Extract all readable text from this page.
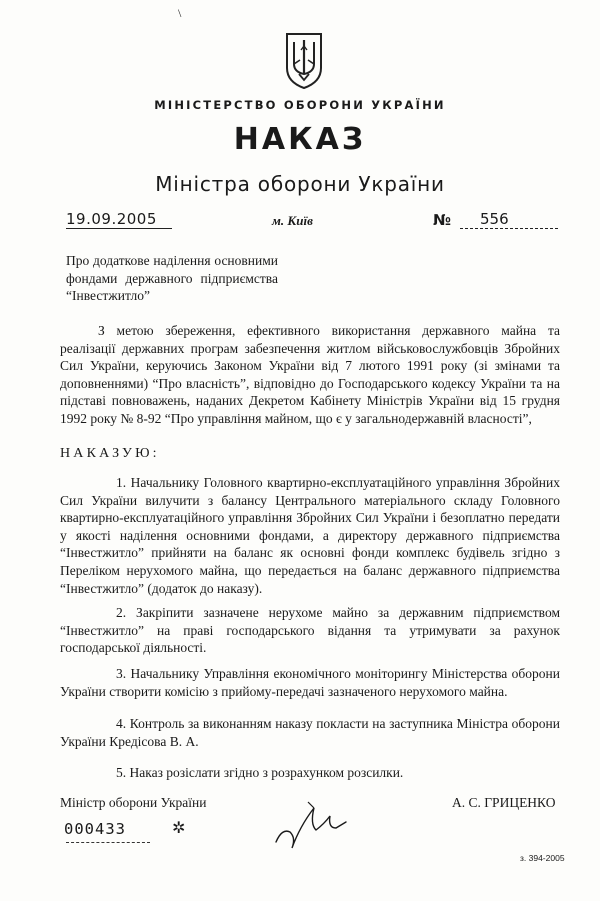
\
МІНІСТЕРСТВО ОБОРОНИ УКРАЇНИ
НАКАЗ
Міністра оборони України
19.09.2005	м. Київ	№ 556
Про додаткове наділення основними фондами державного підприємства “Інвестжитло”
З метою збереження, ефективного використання державного майна та реалізації державних програм забезпечення житлом військовослужбовців Збройних Сил України, керуючись Законом України від 7 лютого 1991 року (зі змінами та доповненнями) “Про власність”, відповідно до Господарського кодексу України та на підставі повноважень, наданих Декретом Кабінету Міністрів України від 15 грудня 1992 року № 8-92 “Про управління майном, що є у загальнодержавній власності”,
НАКАЗУЮ:
1. Начальнику Головного квартирно-експлуатаційного управління Збройних Сил України вилучити з балансу Центрального матеріального складу Головного квартирно-експлуатаційного управління Збройних Сил України і безоплатно передати у якості наділення основними фондами, а директору державного підприємства “Інвестжитло” прийняти на баланс як основні фонди комплекс будівель згідно з Переліком нерухомого майна, що передається на баланс державного підприємства “Інвестжитло” (додаток до наказу).
2. Закріпити зазначене нерухоме майно за державним підприємством “Інвестжитло” на праві господарського відання та утримувати за рахунок господарської діяльності.
3. Начальнику Управління економічного моніторингу Міністерства оборони України створити комісію з прийому-передачі зазначеного нерухомого майна.
4. Контроль за виконанням наказу покласти на заступника Міністра оборони України Кредісова В. А.
5. Наказ розіслати згідно з розрахунком розсилки.
Міністр оборони України	А. С. ГРИЦЕНКО
000433	✲
з. 394-2005
